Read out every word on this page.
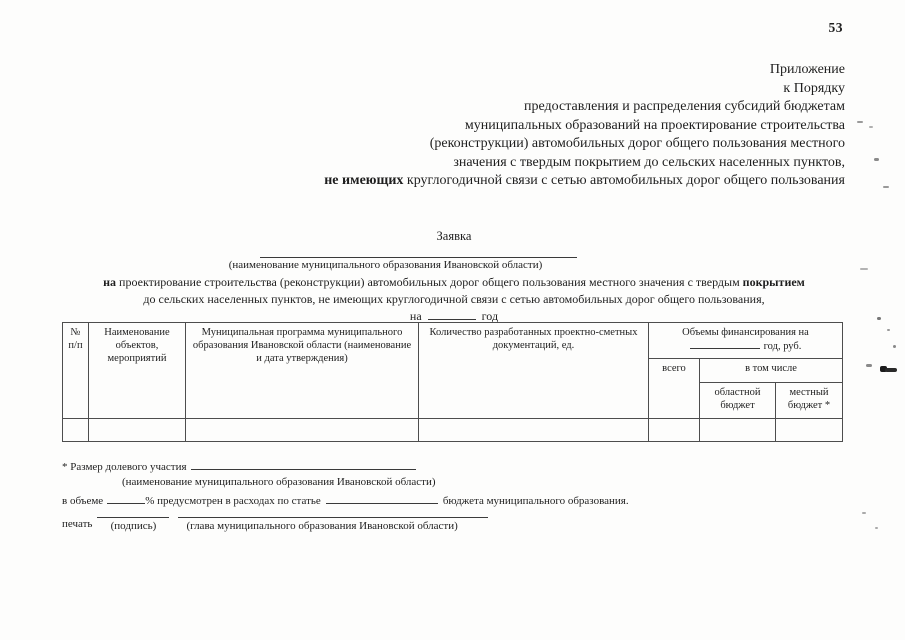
53
Приложение
к Порядку
предоставления и распределения субсидий бюджетам
муниципальных образований на проектирование строительства
(реконструкции) автомобильных дорог общего пользования местного
значения с твердым покрытием до сельских населенных пунктов,
не имеющих круглогодичной связи с сетью автомобильных дорог общего пользования
Заявка
(наименование муниципального образования Ивановской области)
на проектирование строительства (реконструкции) автомобильных дорог общего пользования местного значения с твердым покрытием
до сельских населенных пунктов, не имеющих круглогодичной связи с сетью автомобильных дорог общего пользования,
на	год
№ п/п	Наименование объектов, мероприятий	Муниципальная программа муниципального образования Ивановской области (наименование и дата утверждения)	Количество разработанных проектно-сметных документаций, ед.	Объемы финансирования на
год, руб.		

				всего	в том числе	
					областной бюджет	местный бюджет *

* Размер долевого участия
(наименование муниципального образования Ивановской области)
в объеме	% предусмотрен в расходах по статье	бюджета муниципального образования.
печать (подпись)	(глава муниципального образования Ивановской области)
